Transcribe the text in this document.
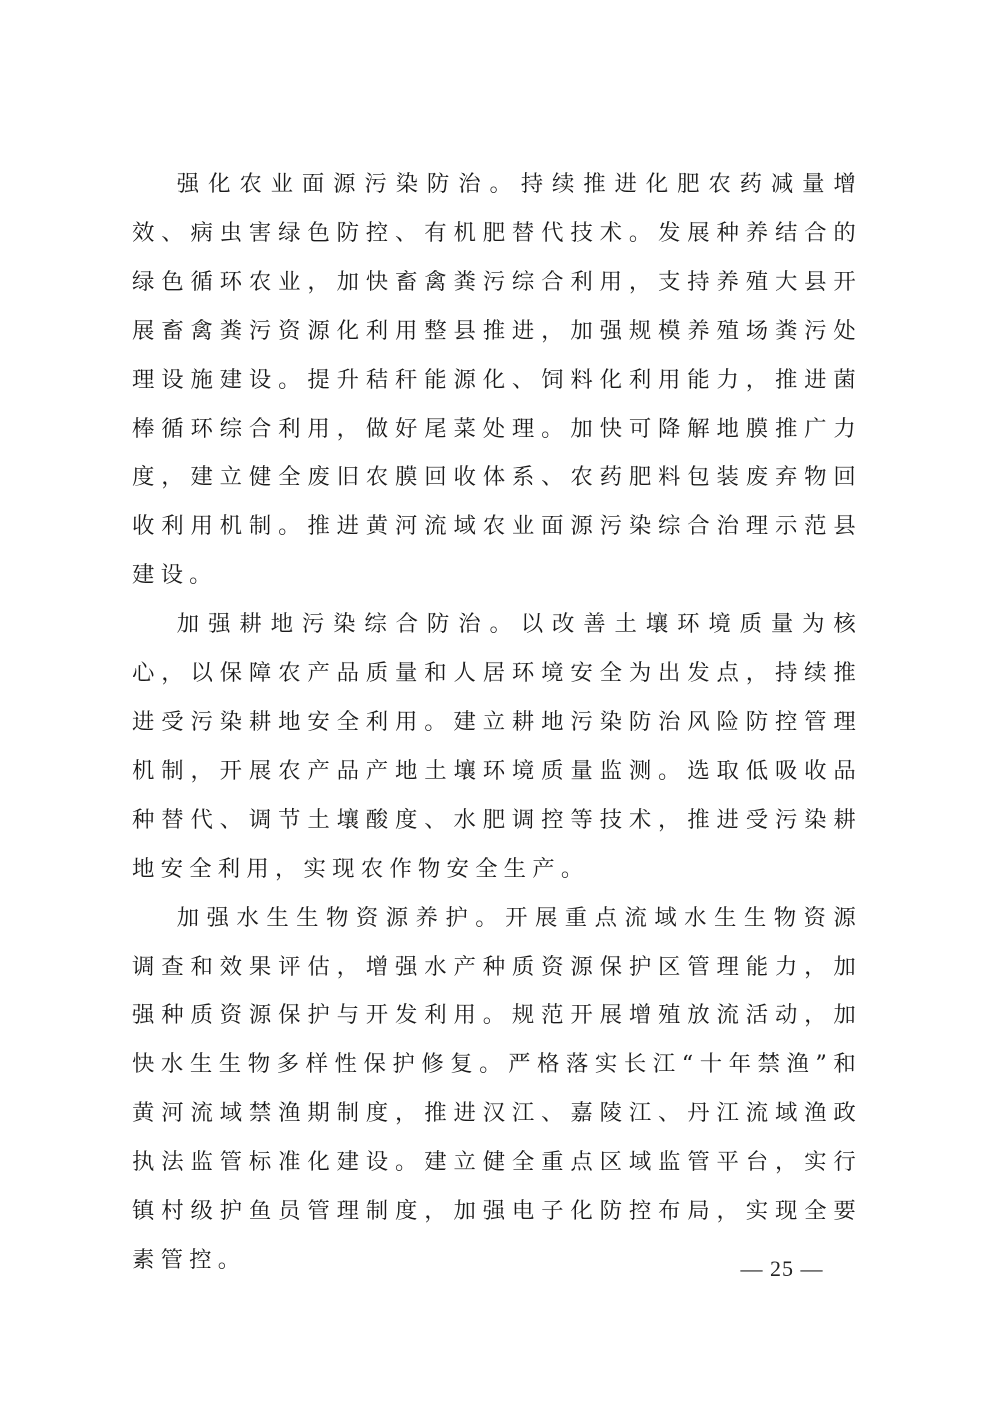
强化农业面源污染防治。持续推进化肥农药减量增效、病虫害绿色防控、有机肥替代技术。发展种养结合的绿色循环农业，加快畜禽粪污综合利用，支持养殖大县开展畜禽粪污资源化利用整县推进，加强规模养殖场粪污处理设施建设。提升秸秆能源化、饲料化利用能力，推进菌棒循环综合利用，做好尾菜处理。加快可降解地膜推广力度，建立健全废旧农膜回收体系、农药肥料包装废弃物回收利用机制。推进黄河流域农业面源污染综合治理示范县建设。

加强耕地污染综合防治。以改善土壤环境质量为核心，以保障农产品质量和人居环境安全为出发点，持续推进受污染耕地安全利用。建立耕地污染防治风险防控管理机制，开展农产品产地土壤环境质量监测。选取低吸收品种替代、调节土壤酸度、水肥调控等技术，推进受污染耕地安全利用，实现农作物安全生产。

加强水生生物资源养护。开展重点流域水生生物资源调查和效果评估，增强水产种质资源保护区管理能力，加强种质资源保护与开发利用。规范开展增殖放流活动，加快水生生物多样性保护修复。严格落实长江“十年禁渔”和黄河流域禁渔期制度，推进汉江、嘉陵江、丹江流域渔政执法监管标准化建设。建立健全重点区域监管平台，实行镇村级护鱼员管理制度，加强电子化防控布局，实现全要素管控。	— 25 —
